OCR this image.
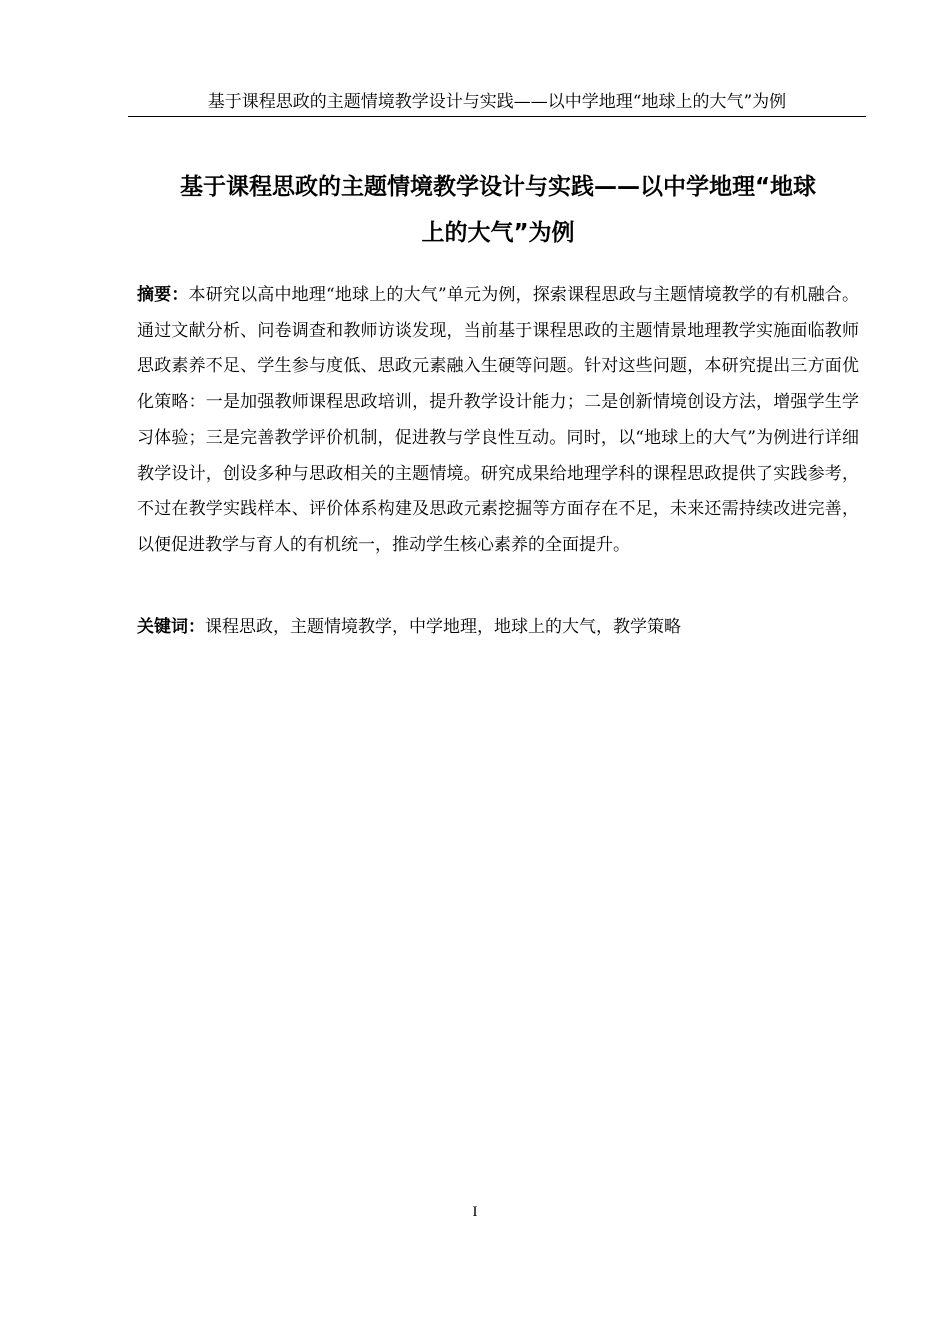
基于课程思政的主题情境教学设计与实践——以中学地理“地球上的大气”为例
基于课程思政的主题情境教学设计与实践——以中学地理“地球
上的大气”为例

摘要：本研究以高中地理“地球上的大气”单元为例，探索课程思政与主题情境教学的有机融合。通过文献分析、问卷调查和教师访谈发现，当前基于课程思政的主题情景地理教学实施面临教师思政素养不足、学生参与度低、思政元素融入生硬等问题。针对这些问题，本研究提出三方面优化策略：一是加强教师课程思政培训，提升教学设计能力；二是创新情境创设方法，增强学生学习体验；三是完善教学评价机制，促进教与学良性互动。同时，以“地球上的大气”为例进行详细教学设计，创设多种与思政相关的主题情境。研究成果给地理学科的课程思政提供了实践参考，不过在教学实践样本、评价体系构建及思政元素挖掘等方面存在不足，未来还需持续改进完善，以便促进教学与育人的有机统一，推动学生核心素养的全面提升。

关键词：课程思政，主题情境教学，中学地理，地球上的大气，教学策略

I
